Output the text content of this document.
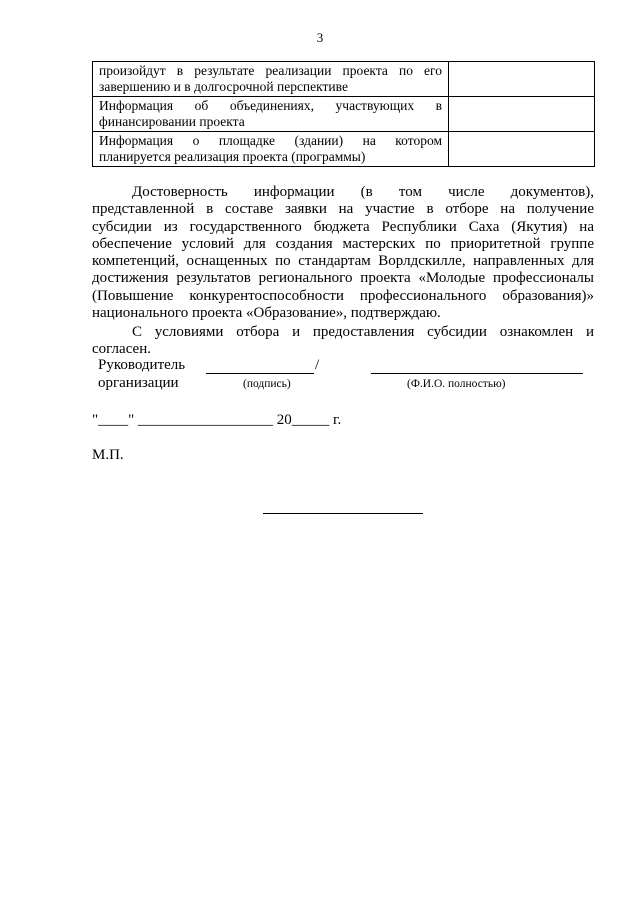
3
произойдут в результате реализации проекта по его
завершению и в долгосрочной перспективе	

Информация об объединениях, участвующих в
финансировании проекта	

Информация о площадке (здании) на котором
планируется реализация проекта (программы)	

Достоверность информации (в том числе документов),
представленной в составе заявки на участие в отборе на получение
субсидии из государственного бюджета Республики Саха (Якутия) на
обеспечение условий для создания мастерских по приоритетной группе
компетенций, оснащенных по стандартам Ворлдскилле, направленных для
достижения результатов регионального проекта «Молодые профессионалы
(Повышение конкурентоспособности профессионального образования)»
национального проекта «Образование», подтверждаю.
С условиями отбора и предоставления субсидии ознакомлен и
согласен.
Руководитель
организации
/
(подпись)	(Ф.И.О. полностью)
"____" __________________ 20_____ г.
М.П.
